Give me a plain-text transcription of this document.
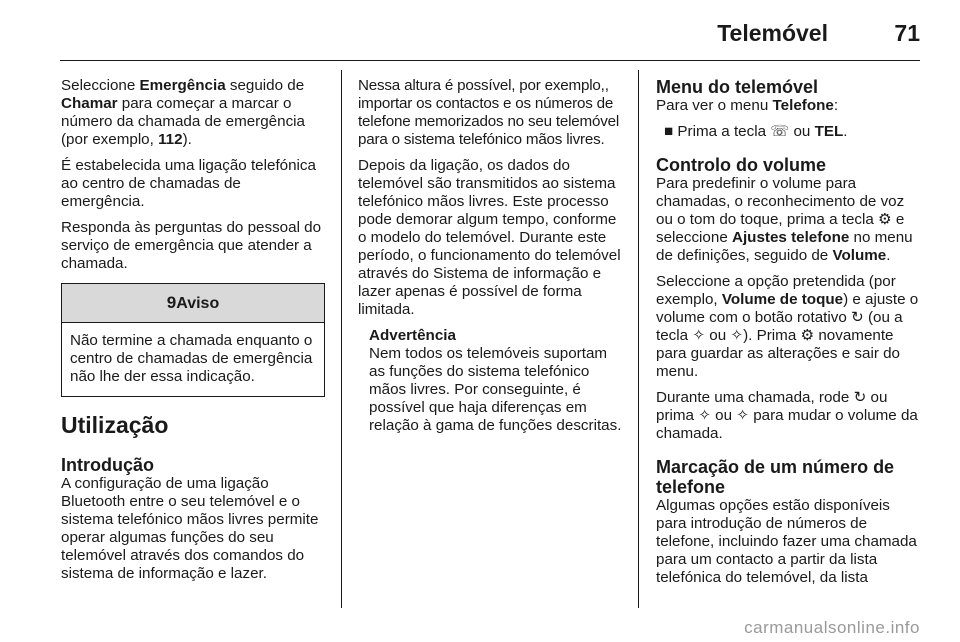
Telemóvel	71

Seleccione Emergência seguido de Chamar para começar a marcar o número da chamada de emergência (por exemplo, 112).

É estabelecida uma ligação telefónica ao centro de chamadas de emergência.

Responda às perguntas do pessoal do serviço de emergência que atender a chamada.

9Aviso
Não termine a chamada enquanto o centro de chamadas de emergência não lhe der essa indicação.
Utilização
Introdução

A configuração de uma ligação Bluetooth entre o seu telemóvel e o sistema telefónico mãos livres permite operar algumas funções do seu telemóvel através dos comandos do sistema de informação e lazer.

Nessa altura é possível, por exemplo,, importar os contactos e os números de telefone memorizados no seu telemóvel para o sistema telefónico mãos livres.

Depois da ligação, os dados do telemóvel são transmitidos ao sistema telefónico mãos livres. Este processo pode demorar algum tempo, conforme o modelo do telemóvel. Durante este período, o funcionamento do telemóvel através do Sistema de informação e lazer apenas é possível de forma limitada.

Advertência
Nem todos os telemóveis suportam as funções do sistema telefónico mãos livres. Por conseguinte, é possível que haja diferenças em relação à gama de funções descritas.
Menu do telemóvel

Para ver o menu Telefone:

■ Prima a tecla ☏ ou TEL.

Controlo do volume

Para predefinir o volume para chamadas, o reconhecimento de voz ou o tom do toque, prima a tecla ⚙ e seleccione Ajustes telefone no menu de definições, seguido de Volume.

Seleccione a opção pretendida (por exemplo, Volume de toque) e ajuste o volume com o botão rotativo ↻ (ou a tecla ✧ ou ✧). Prima ⚙ novamente para guardar as alterações e sair do menu.

Durante uma chamada, rode ↻ ou prima ✧ ou ✧ para mudar o volume da chamada.

Marcação de um número de telefone

Algumas opções estão disponíveis para introdução de números de telefone, incluindo fazer uma chamada para um contacto a partir da lista telefónica do telemóvel, da lista

carmanualsonline.info
